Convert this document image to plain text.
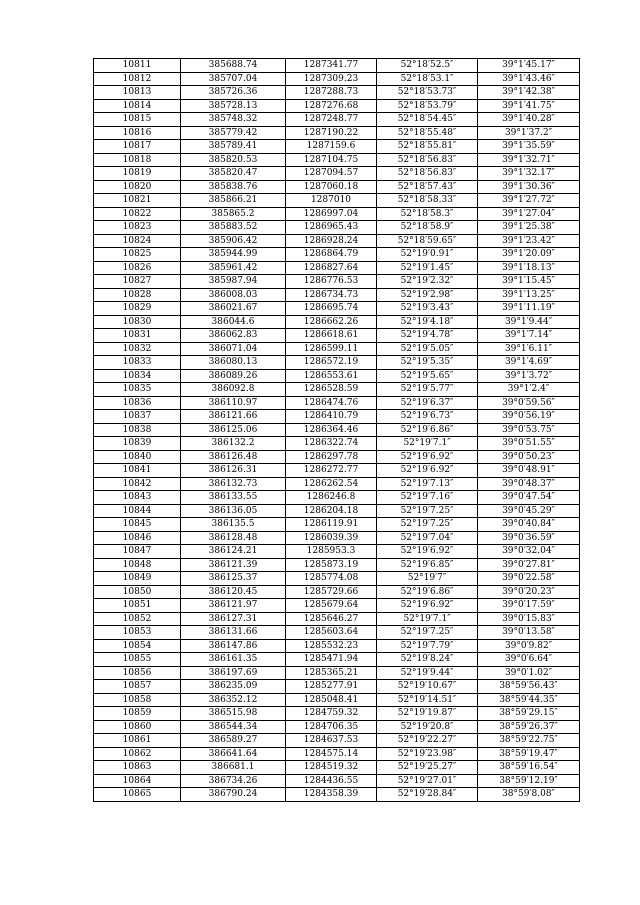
10811	385688.74	1287341.77	52°18′52.5″	39°1′45.17″
10812	385707.04	1287309.23	52°18′53.1″	39°1′43.46″
10813	385726.36	1287288.73	52°18′53.73″	39°1′42.38″
10814	385728.13	1287276.68	52°18′53.79″	39°1′41.75″
10815	385748.32	1287248.77	52°18′54.45″	39°1′40.28″
10816	385779.42	1287190.22	52°18′55.48″	39°1′37.2″
10817	385789.41	1287159.6	52°18′55.81″	39°1′35.59″
10818	385820.53	1287104.75	52°18′56.83″	39°1′32.71″
10819	385820.47	1287094.57	52°18′56.83″	39°1′32.17″
10820	385838.76	1287060.18	52°18′57.43″	39°1′30.36″
10821	385866.21	1287010	52°18′58.33″	39°1′27.72″
10822	385865.2	1286997.04	52°18′58.3″	39°1′27.04″
10823	385883.52	1286965.43	52°18′58.9″	39°1′25.38″
10824	385906.42	1286928.24	52°18′59.65″	39°1′23.42″
10825	385944.99	1286864.79	52°19′0.91″	39°1′20.09″
10826	385961.42	1286827.64	52°19′1.45″	39°1′18.13″
10827	385987.94	1286776.53	52°19′2.32″	39°1′15.45″
10828	386008.03	1286734.73	52°19′2.98″	39°1′13.25″
10829	386021.67	1286695.74	52°19′3.43″	39°1′11.19″
10830	386044.6	1286662.26	52°19′4.18″	39°1′9.44″
10831	386062.83	1286618.61	52°19′4.78″	39°1′7.14″
10832	386071.04	1286599.11	52°19′5.05″	39°1′6.11″
10833	386080.13	1286572.19	52°19′5.35″	39°1′4.69″
10834	386089.26	1286553.61	52°19′5.65″	39°1′3.72″
10835	386092.8	1286528.59	52°19′5.77″	39°1′2.4″
10836	386110.97	1286474.76	52°19′6.37″	39°0′59.56″
10837	386121.66	1286410.79	52°19′6.73″	39°0′56.19″
10838	386125.06	1286364.46	52°19′6.86″	39°0′53.75″
10839	386132.2	1286322.74	52°19′7.1″	39°0′51.55″
10840	386126.48	1286297.78	52°19′6.92″	39°0′50.23″
10841	386126.31	1286272.77	52°19′6.92″	39°0′48.91″
10842	386132.73	1286262.54	52°19′7.13″	39°0′48.37″
10843	386133.55	1286246.8	52°19′7.16″	39°0′47.54″
10844	386136.05	1286204.18	52°19′7.25″	39°0′45.29″
10845	386135.5	1286119.91	52°19′7.25″	39°0′40.84″
10846	386128.48	1286039.39	52°19′7.04″	39°0′36.59″
10847	386124.21	1285953.3	52°19′6.92″	39°0′32.04″
10848	386121.39	1285873.19	52°19′6.85″	39°0′27.81″
10849	386125.37	1285774.08	52°19′7″	39°0′22.58″
10850	386120.45	1285729.66	52°19′6.86″	39°0′20.23″
10851	386121.97	1285679.64	52°19′6.92″	39°0′17.59″
10852	386127.31	1285646.27	52°19′7.1″	39°0′15.83″
10853	386131.66	1285603.64	52°19′7.25″	39°0′13.58″
10854	386147.86	1285532.23	52°19′7.79″	39°0′9.82″
10855	386161.35	1285471.94	52°19′8.24″	39°0′6.64″
10856	386197.69	1285365.21	52°19′9.44″	39°0′1.02″
10857	386235.09	1285277.91	52°19′10.67″	38°59′56.43″
10858	386352.12	1285048.41	52°19′14.51″	38°59′44.35″
10859	386515.98	1284759.32	52°19′19.87″	38°59′29.15″
10860	386544.34	1284706.35	52°19′20.8″	38°59′26.37″
10861	386589.27	1284637.53	52°19′22.27″	38°59′22.75″
10862	386641.64	1284575.14	52°19′23.98″	38°59′19.47″
10863	386681.1	1284519.32	52°19′25.27″	38°59′16.54″
10864	386734.26	1284436.55	52°19′27.01″	38°59′12.19″
10865	386790.24	1284358.39	52°19′28.84″	38°59′8.08″
